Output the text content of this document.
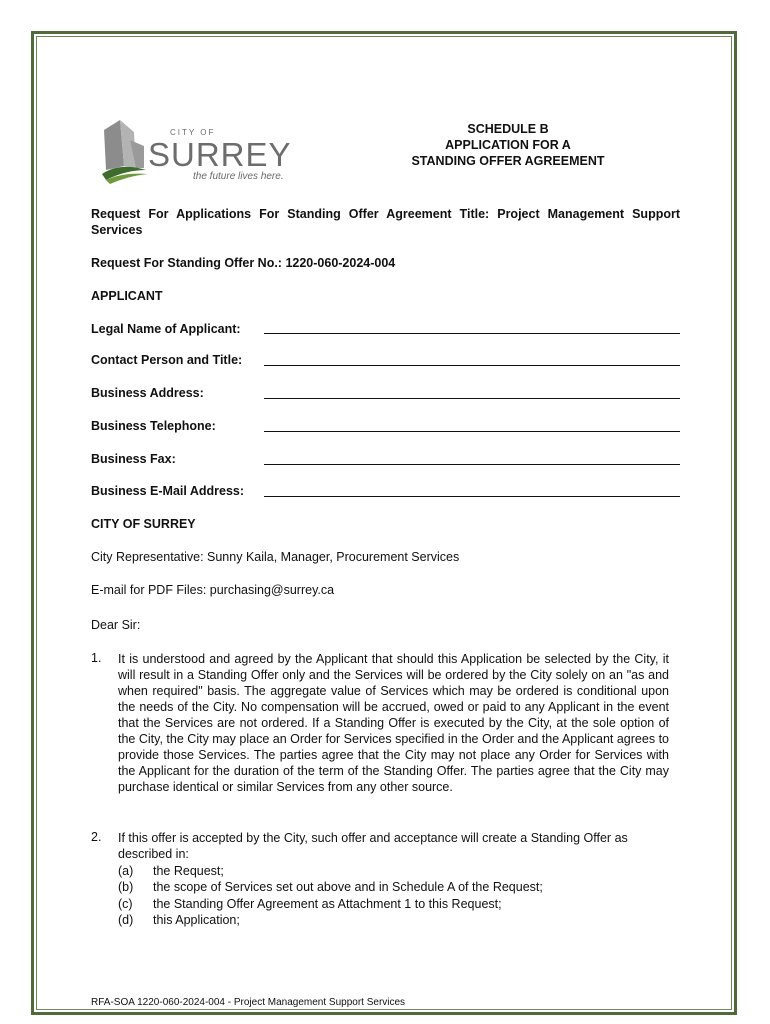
CITY OF
SURREY
the future lives here.
SCHEDULE B
APPLICATION FOR A
STANDING OFFER AGREEMENT
Request For Applications For Standing Offer Agreement Title: Project Management Support Services
Request For Standing Offer No.: 1220-060-2024-004
APPLICANT
Legal Name of Applicant:
Contact Person and Title:
Business Address:
Business Telephone:
Business Fax:
Business E-Mail Address:
CITY OF SURREY
City Representative: Sunny Kaila, Manager, Procurement Services
E-mail for PDF Files: purchasing@surrey.ca
Dear Sir:
1. It is understood and agreed by the Applicant that should this Application be selected by the City, it will result in a Standing Offer only and the Services will be ordered by the City solely on an "as and when required" basis. The aggregate value of Services which may be ordered is conditional upon the needs of the City. No compensation will be accrued, owed or paid to any Applicant in the event that the Services are not ordered. If a Standing Offer is executed by the City, at the sole option of the City, the City may place an Order for Services specified in the Order and the Applicant agrees to provide those Services. The parties agree that the City may not place any Order for Services with the Applicant for the duration of the term of the Standing Offer. The parties agree that the City may purchase identical or similar Services from any other source.
2. If this offer is accepted by the City, such offer and acceptance will create a Standing Offer as described in:
(a) the Request;
(b) the scope of Services set out above and in Schedule A of the Request;
(c) the Standing Offer Agreement as Attachment 1 to this Request;
(d) this Application;
RFA-SOA 1220-060-2024-004 - Project Management Support Services
